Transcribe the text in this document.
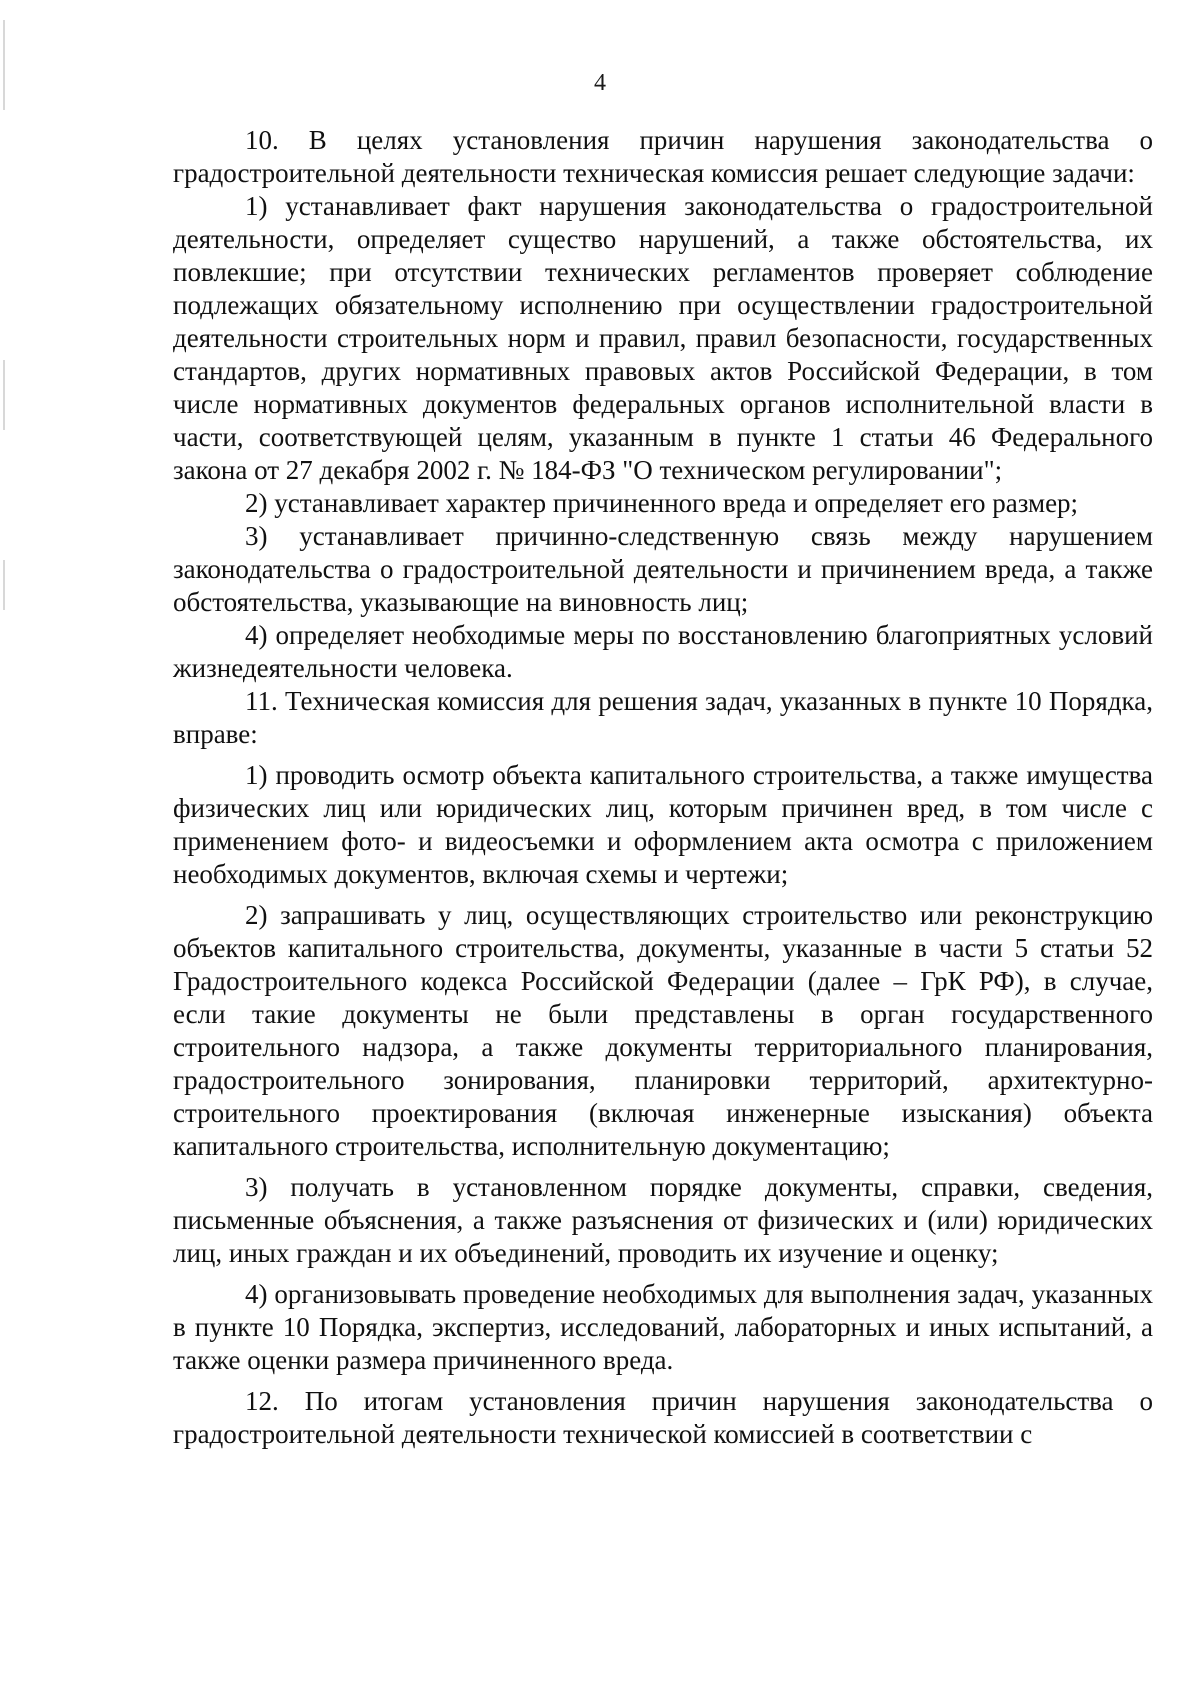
4

10. В целях установления причин нарушения законодательства о градостроительной деятельности техническая комиссия решает следующие задачи:

1) устанавливает факт нарушения законодательства о градостроительной деятельности, определяет существо нарушений, а также обстоятельства, их повлекшие; при отсутствии технических регламентов проверяет соблюдение подлежащих обязательному исполнению при осуществлении градостроительной деятельности строительных норм и правил, правил безопасности, государственных стандартов, других нормативных правовых актов Российской Федерации, в том числе нормативных документов федеральных органов исполнительной власти в части, соответствующей целям, указанным в пункте 1 статьи 46 Федерального закона от 27 декабря 2002 г. № 184-ФЗ "О техническом регулировании";

2) устанавливает характер причиненного вреда и определяет его размер;

3) устанавливает причинно-следственную связь между нарушением законодательства о градостроительной деятельности и причинением вреда, а также обстоятельства, указывающие на виновность лиц;

4) определяет необходимые меры по восстановлению благоприятных условий жизнедеятельности человека.

11. Техническая комиссия для решения задач, указанных в пункте 10 Порядка, вправе:

1) проводить осмотр объекта капитального строительства, а также имущества физических лиц или юридических лиц, которым причинен вред, в том числе с применением фото- и видеосъемки и оформлением акта осмотра с приложением необходимых документов, включая схемы и чертежи;

2) запрашивать у лиц, осуществляющих строительство или реконструкцию объектов капитального строительства, документы, указанные в части 5 статьи 52 Градостроительного кодекса Российской Федерации (далее – ГрК РФ), в случае, если такие документы не были представлены в орган государственного строительного надзора, а также документы территориального планирования, градостроительного зонирования, планировки территорий, архитектурно-строительного проектирования (включая инженерные изыскания) объекта капитального строительства, исполнительную документацию;

3) получать в установленном порядке документы, справки, сведения, письменные объяснения, а также разъяснения от физических и (или) юридических лиц, иных граждан и их объединений, проводить их изучение и оценку;

4) организовывать проведение необходимых для выполнения задач, указанных в пункте 10 Порядка, экспертиз, исследований, лабораторных и иных испытаний, а также оценки размера причиненного вреда.

12. По итогам установления причин нарушения законодательства о градостроительной деятельности технической комиссией в соответствии с
